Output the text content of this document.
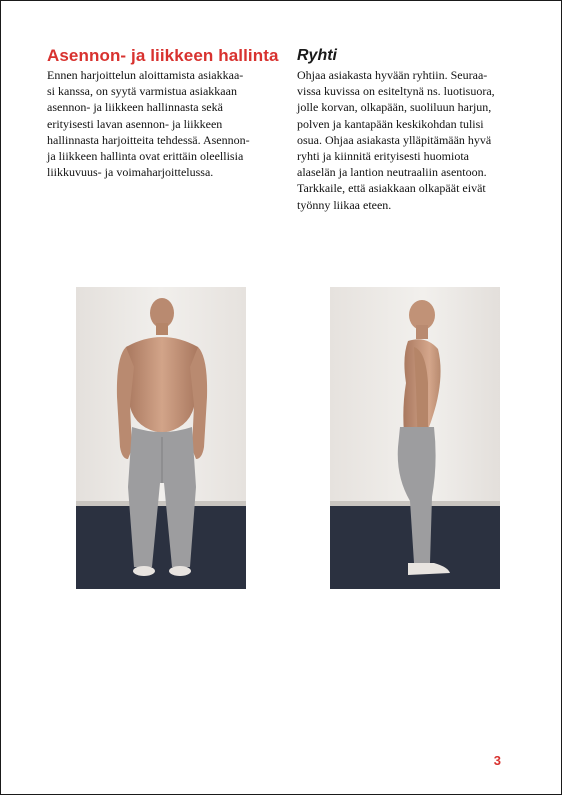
Asennon- ja liikkeen hallinta

Ennen harjoittelun aloittamista asiakkaa-
si kanssa, on syytä varmistua asiakkaan
asennon- ja liikkeen hallinnasta sekä
erityisesti lavan asennon- ja liikkeen
hallinnasta harjoitteita tehdessä. Asennon-
ja liikkeen hallinta ovat erittäin oleellisia
liikkuvuus- ja voimaharjoittelussa.

Ryhti

Ohjaa asiakasta hyvään ryhtiin. Seuraa-
vissa kuvissa on esiteltynä ns. luotisuora,
jolle korvan, olkapään, suoliluun harjun,
polven ja kantapään keskikohdan tulisi
osua. Ohjaa asiakasta ylläpitämään hyvä
ryhti ja kiinnitä erityisesti huomiota
alaselän ja lantion neutraaliin asentoon.
Tarkkaile, että asiakkaan olkapäät eivät
työnny liikaa eteen.

3
